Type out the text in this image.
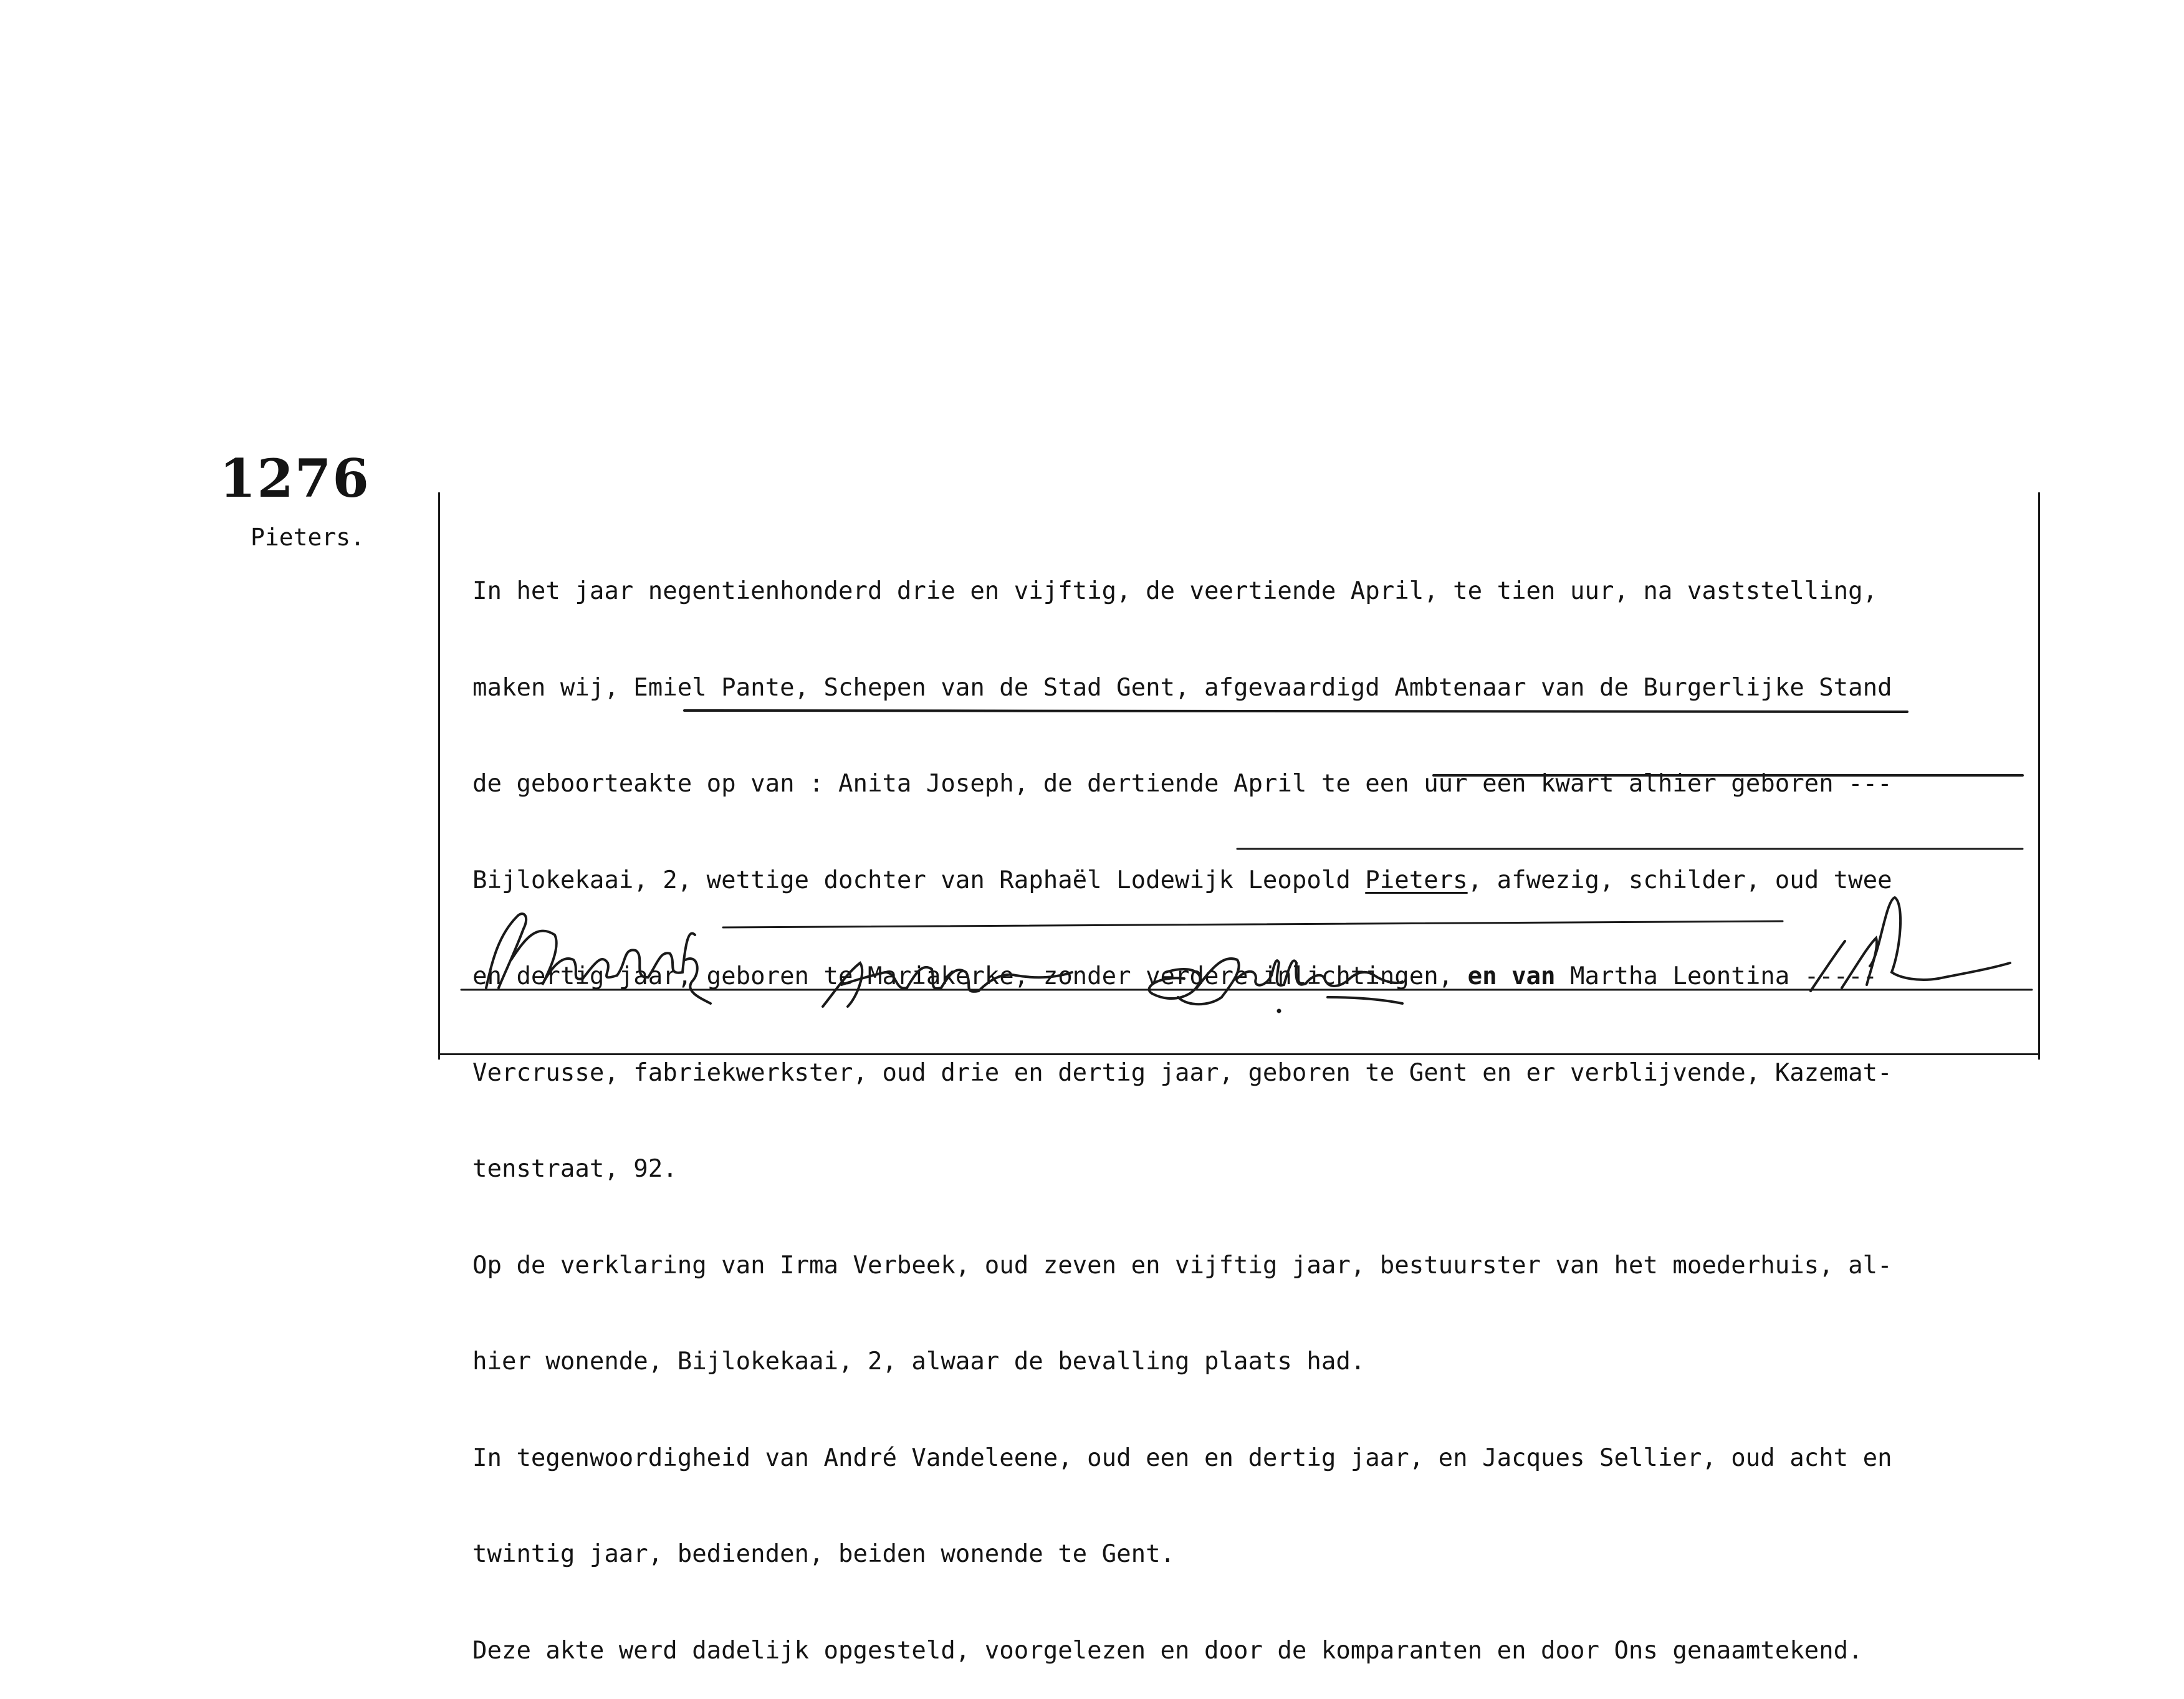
1276
Pieters.

In het jaar negentienhonderd drie en vijftig, de veertiende April, te tien uur, na vaststelling,

maken wij, Emiel Pante, Schepen van de Stad Gent, afgevaardigd Ambtenaar van de Burgerlijke Stand

de geboorteakte op van : Anita Joseph, de dertiende April te een uur een kwart alhier geboren ---

Bijlokekaai, 2, wettige dochter van Raphaël Lodewijk Leopold Pieters, afwezig, schilder, oud twee

en dertig jaar, geboren te Mariakerke, zonder verdere inlichtingen, en van Martha Leontina -----

Vercrusse, fabriekwerkster, oud drie en dertig jaar, geboren te Gent en er verblijvende, Kazemat-

tenstraat, 92.

Op de verklaring van Irma Verbeek, oud zeven en vijftig jaar, bestuurster van het moederhuis, al-

hier wonende, Bijlokekaai, 2, alwaar de bevalling plaats had.

In tegenwoordigheid van André Vandeleene, oud een en dertig jaar, en Jacques Sellier, oud acht en

twintig jaar, bedienden, beiden wonende te Gent.

Deze akte werd dadelijk opgesteld, voorgelezen en door de komparanten en door Ons genaamtekend.
